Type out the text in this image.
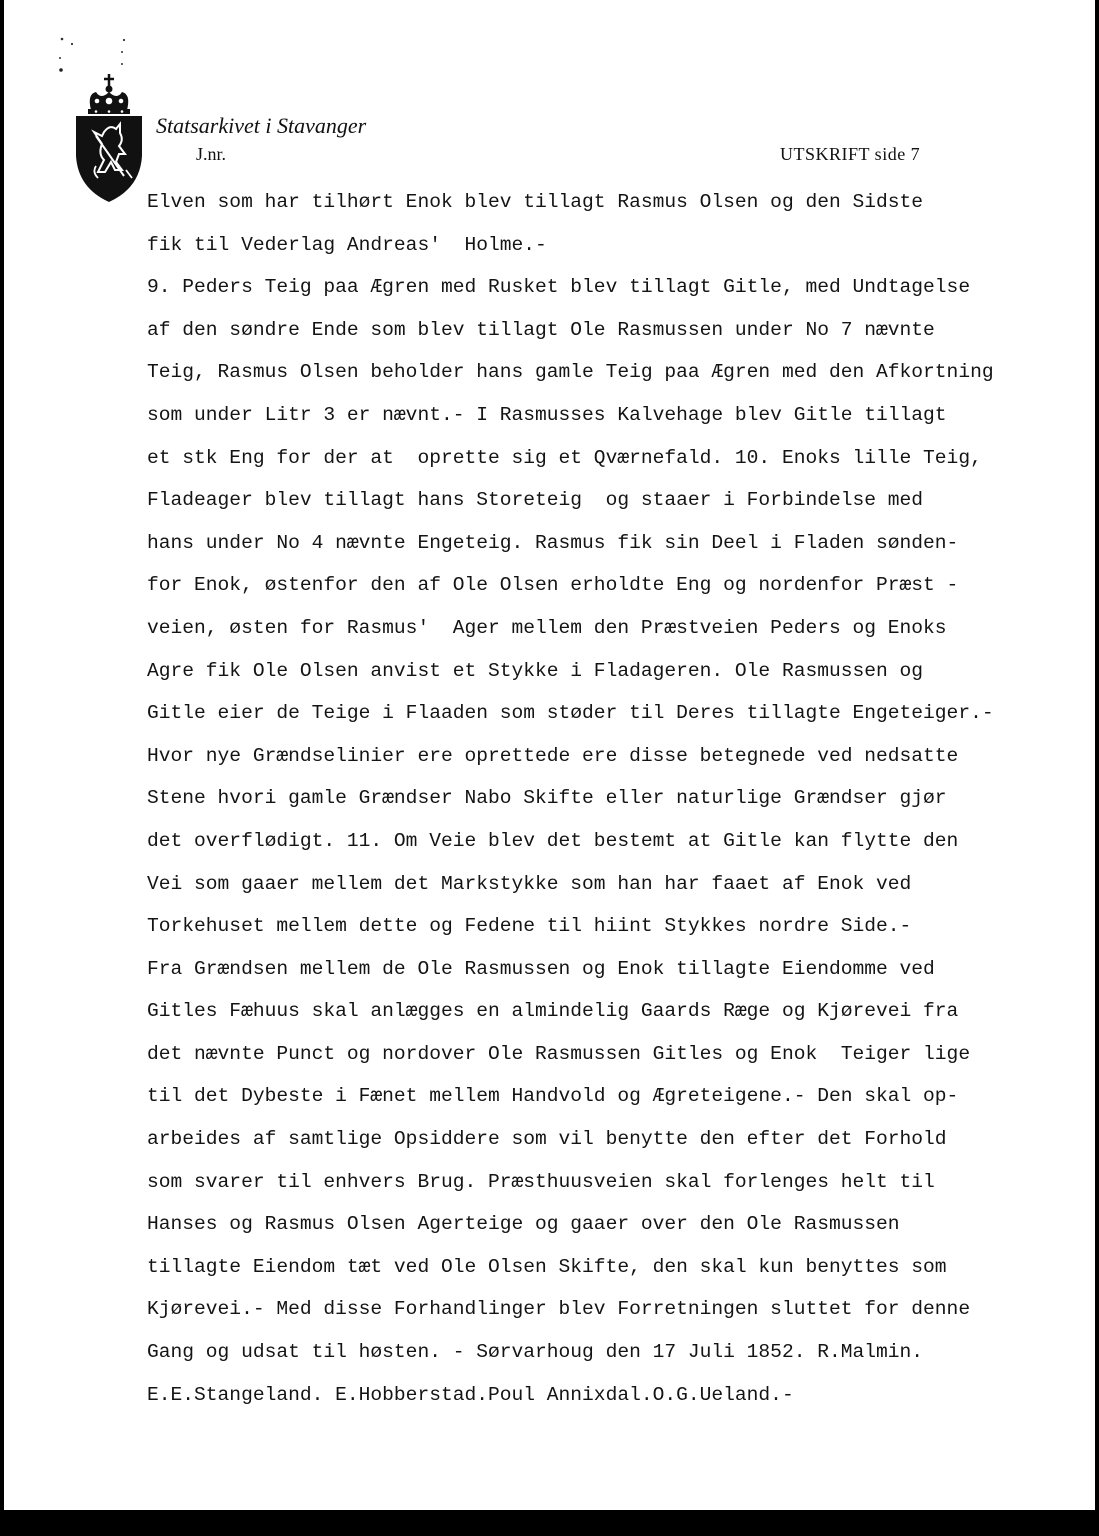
Statsarkivet i Stavanger
J.nr.	UTSKRIFT side 7
Elven som har tilhørt Enok blev tillagt Rasmus Olsen og den Sidste
fik til Vederlag Andreas'  Holme.-
9. Peders Teig paa Ægren med Rusket blev tillagt Gitle, med Undtagelse
af den søndre Ende som blev tillagt Ole Rasmussen under No 7 nævnte
Teig, Rasmus Olsen beholder hans gamle Teig paa Ægren med den Afkortning
som under Litr 3 er nævnt.- I Rasmusses Kalvehage blev Gitle tillagt
et stk Eng for der at  oprette sig et Qværnefald. 10. Enoks lille Teig,
Fladeager blev tillagt hans Storeteig  og staaer i Forbindelse med
hans under No 4 nævnte Engeteig. Rasmus fik sin Deel i Fladen sønden-
for Enok, østenfor den af Ole Olsen erholdte Eng og nordenfor Præst -
veien, østen for Rasmus'  Ager mellem den Præstveien Peders og Enoks
Agre fik Ole Olsen anvist et Stykke i Fladageren. Ole Rasmussen og
Gitle eier de Teige i Flaaden som støder til Deres tillagte Engeteiger.-
Hvor nye Grændselinier ere oprettede ere disse betegnede ved nedsatte
Stene hvori gamle Grændser Nabo Skifte eller naturlige Grændser gjør
det overflødigt. 11. Om Veie blev det bestemt at Gitle kan flytte den
Vei som gaaer mellem det Markstykke som han har faaet af Enok ved
Torkehuset mellem dette og Fedene til hiint Stykkes nordre Side.-
Fra Grændsen mellem de Ole Rasmussen og Enok tillagte Eiendomme ved
Gitles Fæhuus skal anlægges en almindelig Gaards Ræge og Kjørevei fra
det nævnte Punct og nordover Ole Rasmussen Gitles og Enok  Teiger lige
til det Dybeste i Fænet mellem Handvold og Ægreteigene.- Den skal op-
arbeides af samtlige Opsiddere som vil benytte den efter det Forhold
som svarer til enhvers Brug. Præsthuusveien skal forlenges helt til
Hanses og Rasmus Olsen Agerteige og gaaer over den Ole Rasmussen
tillagte Eiendom tæt ved Ole Olsen Skifte, den skal kun benyttes som
Kjørevei.- Med disse Forhandlinger blev Forretningen sluttet for denne
Gang og udsat til høsten. - Sørvarhoug den 17 Juli 1852. R.Malmin.
E.E.Stangeland. E.Hobberstad.Poul Annixdal.O.G.Ueland.-
